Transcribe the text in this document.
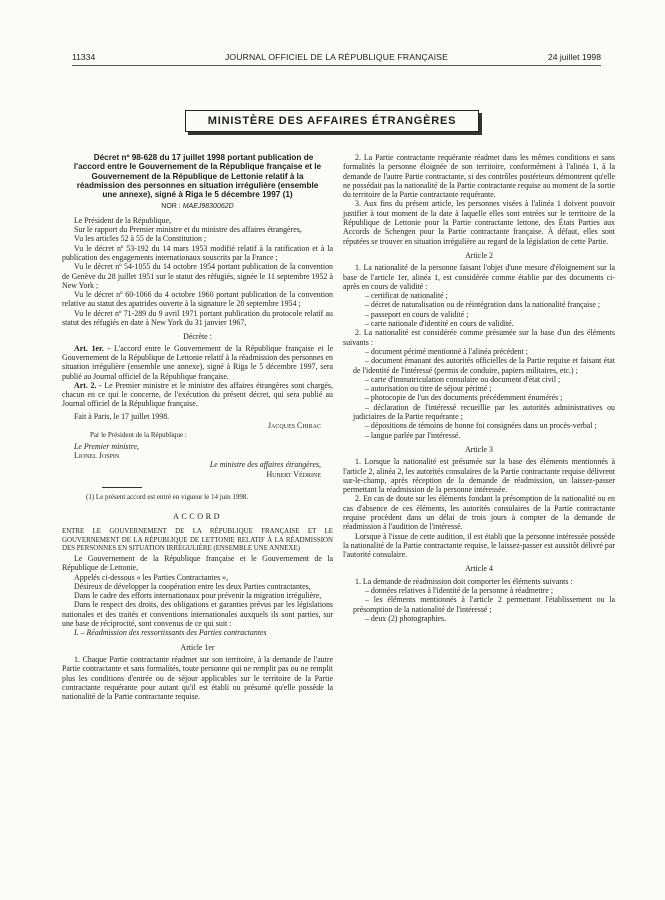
11334	JOURNAL OFFICIEL DE LA RÉPUBLIQUE FRANÇAISE	24 juillet 1998
MINISTÈRE DES AFFAIRES ÉTRANGÈRES

Décret nº 98-628 du 17 juillet 1998 portant publication de l'accord entre le Gouvernement de la République française et le Gouvernement de la République de Lettonie relatif à la réadmission des personnes en situation irrégulière (ensemble une annexe), signé à Riga le 5 décembre 1997 (1)

NOR : MAEJ9830062D

Le Président de la République,

Sur le rapport du Premier ministre et du ministre des affaires étrangères,

Vu les articles 52 à 55 de la Constitution ;

Vu le décret nº 53-192 du 14 mars 1953 modifié relatif à la ratification et à la publication des engagements internationaux souscrits par la France ;

Vu le décret nº 54-1055 du 14 octobre 1954 portant publication de la convention de Genève du 28 juillet 1951 sur le statut des réfugiés, signée le 11 septembre 1952 à New York ;

Vu le décret nº 60-1066 du 4 octobre 1960 portant publication de la convention relative au statut des apatrides ouverte à la signature le 28 septembre 1954 ;

Vu le décret nº 71-289 du 9 avril 1971 portant publication du protocole relatif au statut des réfugiés en date à New York du 31 janvier 1967,

Décrète :

Art. 1er. - L'accord entre le Gouvernement de la République française et le Gouvernement de la République de Lettonie relatif à la réadmission des personnes en situation irrégulière (ensemble une annexe), signé à Riga le 5 décembre 1997, sera publié au Journal officiel de la République française.

Art. 2. - Le Premier ministre et le ministre des affaires étrangères sont chargés, chacun en ce qui le concerne, de l'exécution du présent décret, qui sera publié au Journal officiel de la République française.

Fait à Paris, le 17 juillet 1998.

Jacques Chirac
Par le Président de la République :
Le Premier ministre,
Lionel Jospin
Le ministre des affaires étrangères,
Hubert Védrine

(1) Le présent accord est entré en vigueur le 14 juin 1998.

ACCORD

ENTRE LE GOUVERNEMENT DE LA RÉPUBLIQUE FRANÇAISE ET LE GOUVERNEMENT DE LA RÉPUBLIQUE DE LETTONIE RELATIF À LA RÉADMISSION DES PERSONNES EN SITUATION IRRÉGULIÈRE (ENSEMBLE UNE ANNEXE)

Le Gouvernement de la République française et le Gouvernement de la République de Lettonie,

Appelés ci-dessous « les Parties Contractantes »,

Désireux de développer la coopération entre les deux Parties contractantes,

Dans le cadre des efforts internationaux pour prévenir la migration irrégulière,

Dans le respect des droits, des obligations et garanties prévus par les législations nationales et des traités et conventions internationales auxquels ils sont parties, sur une base de réciprocité, sont convenus de ce qui suit :

I. – Réadmission des ressortissants des Parties contractantes

Article 1er

1. Chaque Partie contractante réadmet sur son territoire, à la demande de l'autre Partie contractante et sans formalités, toute personne qui ne remplit pas ou ne remplit plus les conditions d'entrée ou de séjour applicables sur le territoire de la Partie contractante requérante pour autant qu'il est établi ou présumé qu'elle possède la nationalité de la Partie contractante requise.

2. La Partie contractante requérante réadmet dans les mêmes conditions et sans formalités la personne éloignée de son territoire, conformément à l'alinéa 1, à la demande de l'autre Partie contractante, si des contrôles postérieurs démontrent qu'elle ne possédait pas la nationalité de la Partie contractante requise au moment de la sortie du territoire de la Partie contractante requérante.

3. Aux fins du présent article, les personnes visées à l'alinéa 1 doivent pouvoir justifier à tout moment de la date à laquelle elles sont entrées sur le territoire de la République de Lettonie pour la Partie contractante lettone, des États Parties aux Accords de Schengen pour la Partie contractante française. À défaut, elles sont réputées se trouver en situation irrégulière au regard de la législation de cette Partie.

Article 2

1. La nationalité de la personne faisant l'objet d'une mesure d'éloignement sur la base de l'article 1er, alinéa 1, est considérée comme établie par des documents ci-après en cours de validité :

– certificat de nationalité ;

– décret de naturalisation ou de réintégration dans la nationalité française ;

– passeport en cours de validité ;

– carte nationale d'identité en cours de validité.

2. La nationalité est considérée comme présumée sur la base d'un des éléments suivants :

– document périmé mentionné à l'alinéa précédent ;

– document émanant des autorités officielles de la Partie requise et faisant état de l'identité de l'intéressé (permis de conduire, papiers militaires, etc.) ;

– carte d'immatriculation consulaire ou document d'état civil ;

– autorisation ou titre de séjour périmé ;

– photocopie de l'un des documents précédemment énumérés ;

– déclaration de l'intéressé recueillie par les autorités administratives ou judiciaires de la Partie requérante ;

– dépositions de témoins de bonne foi consignées dans un procès-verbal ;

– langue parlée par l'intéressé.

Article 3

1. Lorsque la nationalité est présumée sur la base des éléments mentionnés à l'article 2, alinéa 2, les autorités consulaires de la Partie contractante requise délivrent sur-le-champ, après réception de la demande de réadmission, un laissez-passer permettant la réadmission de la personne intéressée.

2. En cas de doute sur les éléments fondant la présomption de la nationalité ou en cas d'absence de ces éléments, les autorités consulaires de la Partie contractante requise procèdent dans un délai de trois jours à compter de la demande de réadmission à l'audition de l'intéressé.

Lorsque à l'issue de cette audition, il est établi que la personne intéressée possède la nationalité de la Partie contractante requise, le laissez-passer est aussitôt délivré par l'autorité consulaire.

Article 4

1. La demande de réadmission doit comporter les éléments suivants :

– données relatives à l'identité de la personne à réadmettre ;

– les éléments mentionnés à l'article 2 permettant l'établissement ou la présomption de la nationalité de l'intéressé ;

– deux (2) photographies.
